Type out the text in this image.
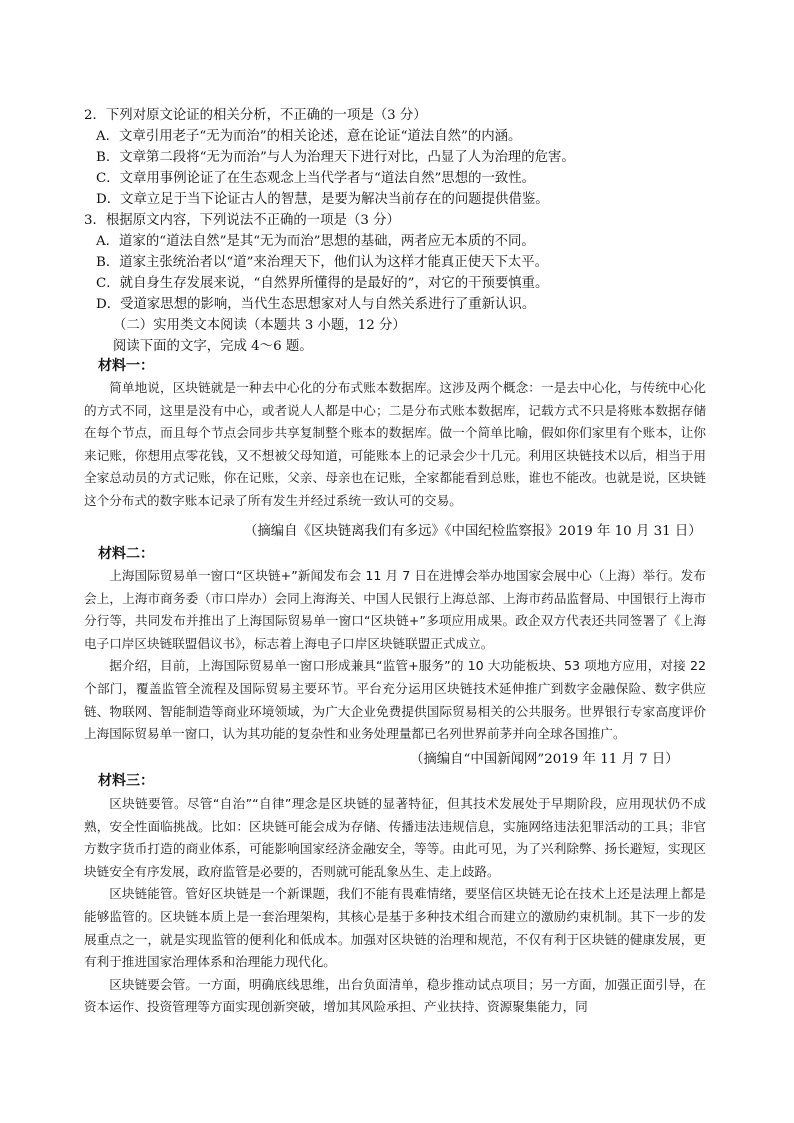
2．下列对原文论证的相关分析，不正确的一项是（3 分）
A．文章引用老子“无为而治”的相关论述，意在论证“道法自然”的内涵。
B．文章第二段将“无为而治”与人为治理天下进行对比，凸显了人为治理的危害。
C．文章用事例论证了在生态观念上当代学者与“道法自然”思想的一致性。
D．文章立足于当下论证古人的智慧，是要为解决当前存在的问题提供借鉴。
3．根据原文内容，下列说法不正确的一项是（3 分）
A．道家的“道法自然”是其“无为而治”思想的基础，两者应无本质的不同。
B．道家主张统治者以“道”来治理天下，他们认为这样才能真正使天下太平。
C．就自身生存发展来说，“自然界所懂得的是最好的”，对它的干预要慎重。
D．受道家思想的影响，当代生态思想家对人与自然关系进行了重新认识。
（二）实用类文本阅读（本题共 3 小题，12 分）
阅读下面的文字，完成 4～6 题。
材料一：

简单地说，区块链就是一种去中心化的分布式账本数据库。这涉及两个概念：一是去中心化，与传统中心化的方式不同，这里是没有中心，或者说人人都是中心；二是分布式账本数据库，记载方式不只是将账本数据存储在每个节点，而且每个节点会同步共享复制整个账本的数据库。做一个简单比喻，假如你们家里有个账本，让你来记账，你想用点零花钱，又不想被父母知道，可能账本上的记录会少十几元。利用区块链技术以后，相当于用全家总动员的方式记账，你在记账，父亲、母亲也在记账，全家都能看到总账，谁也不能改。也就是说，区块链这个分布式的数字账本记录了所有发生并经过系统一致认可的交易。

（摘编自《区块链离我们有多远》《中国纪检监察报》2019 年 10 月 31 日）
材料二：

上海国际贸易单一窗口“区块链+”新闻发布会 11 月 7 日在进博会举办地国家会展中心（上海）举行。发布会上，上海市商务委（市口岸办）会同上海海关、中国人民银行上海总部、上海市药品监督局、中国银行上海市分行等，共同发布并推出了上海国际贸易单一窗口“区块链+”多项应用成果。政企双方代表还共同签署了《上海电子口岸区块链联盟倡议书》，标志着上海电子口岸区块链联盟正式成立。

据介绍，目前，上海国际贸易单一窗口形成兼具“监管+服务”的 10 大功能板块、53 项地方应用，对接 22 个部门，覆盖监管全流程及国际贸易主要环节。平台充分运用区块链技术延伸推广到数字金融保险、数字供应链、物联网、智能制造等商业环境领域，为广大企业免费提供国际贸易相关的公共服务。世界银行专家高度评价上海国际贸易单一窗口，认为其功能的复杂性和业务处理量都已名列世界前茅并向全球各国推广。

（摘编自“中国新闻网”2019 年 11 月 7 日）
材料三：

区块链要管。尽管“自治”“自律”理念是区块链的显著特征，但其技术发展处于早期阶段，应用现状仍不成熟，安全性面临挑战。比如：区块链可能会成为存储、传播违法违规信息，实施网络违法犯罪活动的工具；非官方数字货币打造的商业体系，可能影响国家经济金融安全，等等。由此可见，为了兴利除弊、扬长避短，实现区块链安全有序发展，政府监管是必要的，否则就可能乱象丛生、走上歧路。

区块链能管。管好区块链是一个新课题，我们不能有畏难情绪，要坚信区块链无论在技术上还是法理上都是能够监管的。区块链本质上是一套治理架构，其核心是基于多种技术组合而建立的激励约束机制。其下一步的发展重点之一，就是实现监管的便利化和低成本。加强对区块链的治理和规范，不仅有利于区块链的健康发展，更有利于推进国家治理体系和治理能力现代化。

区块链要会管。一方面，明确底线思维，出台负面清单，稳步推动试点项目；另一方面，加强正面引导，在资本运作、投资管理等方面实现创新突破，增加其风险承担、产业扶持、资源聚集能力，同
